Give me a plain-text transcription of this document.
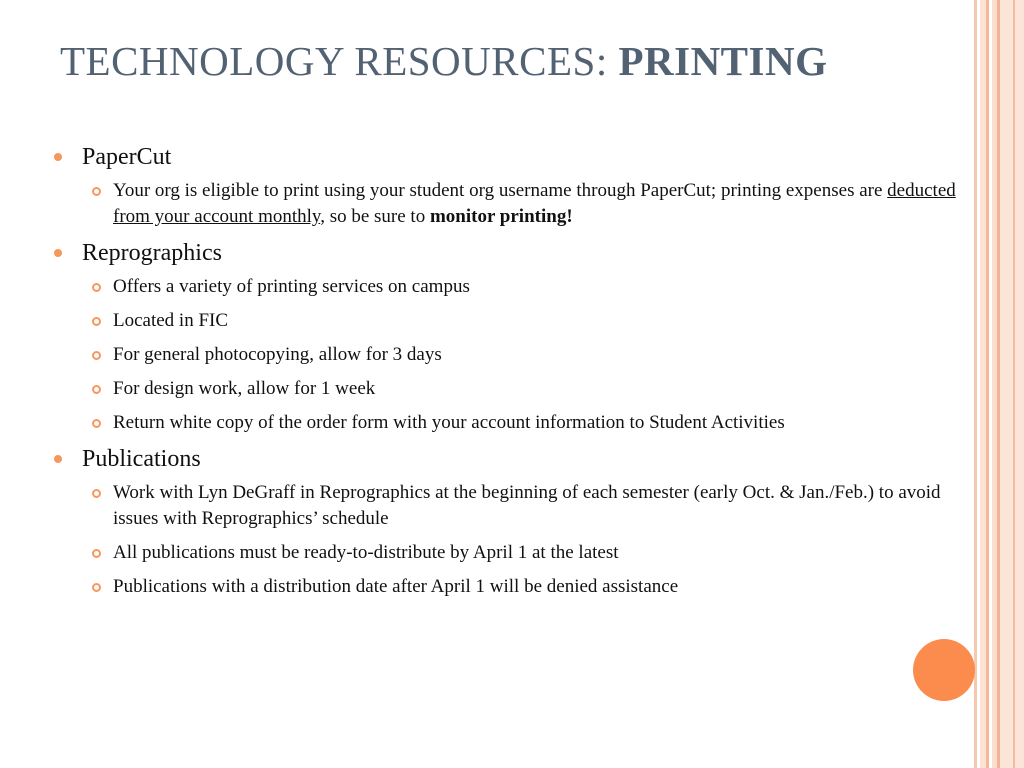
TECHNOLOGY RESOURCES: PRINTING
PaperCut
Your org is eligible to print using your student org username through PaperCut; printing expenses are deducted from your account monthly, so be sure to monitor printing!
Reprographics
Offers a variety of printing services on campus
Located in FIC
For general photocopying, allow for 3 days
For design work, allow for 1 week
Return white copy of the order form with your account information to Student Activities
Publications
Work with Lyn DeGraff in Reprographics at the beginning of each semester (early Oct. & Jan./Feb.) to avoid issues with Reprographics’ schedule
All publications must be ready-to-distribute by April 1 at the latest
Publications with a distribution date after April 1 will be denied assistance
